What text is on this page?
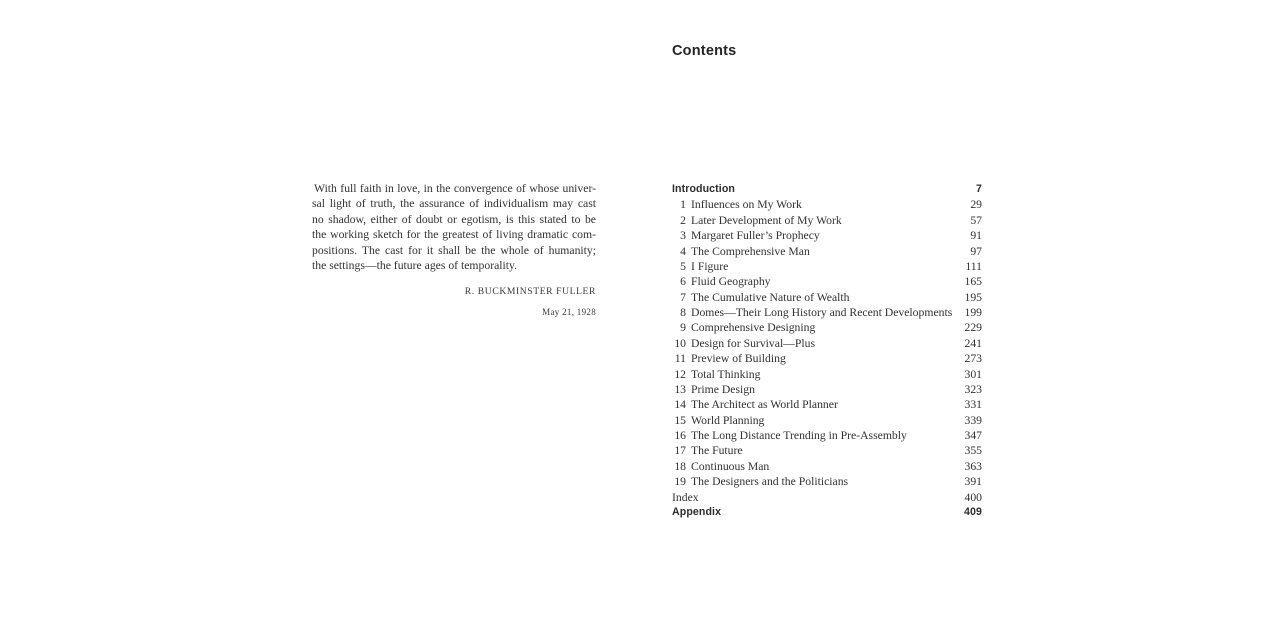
Contents
With full faith in love, in the convergence of whose univer-
sal light of truth, the assurance of individualism may cast
no shadow, either of doubt or egotism, is this stated to be
the working sketch for the greatest of living dramatic com-
positions. The cast for it shall be the whole of humanity;
the settings—the future ages of temporality.
R. BUCKMINSTER FULLER
May 21, 1928
Introduction	7
1 Influences on My Work	29
2 Later Development of My Work	57
3 Margaret Fuller’s Prophecy	91
4 The Comprehensive Man	97
5 I Figure	111
6 Fluid Geography	165
7 The Cumulative Nature of Wealth	195
8 Domes—Their Long History and Recent Developments	199
9 Comprehensive Designing	229
10 Design for Survival—Plus	241
11 Preview of Building	273
12 Total Thinking	301
13 Prime Design	323
14 The Architect as World Planner	331
15 World Planning	339
16 The Long Distance Trending in Pre-Assembly	347
17 The Future	355
18 Continuous Man	363
19 The Designers and the Politicians	391
Index	400
Appendix	409
